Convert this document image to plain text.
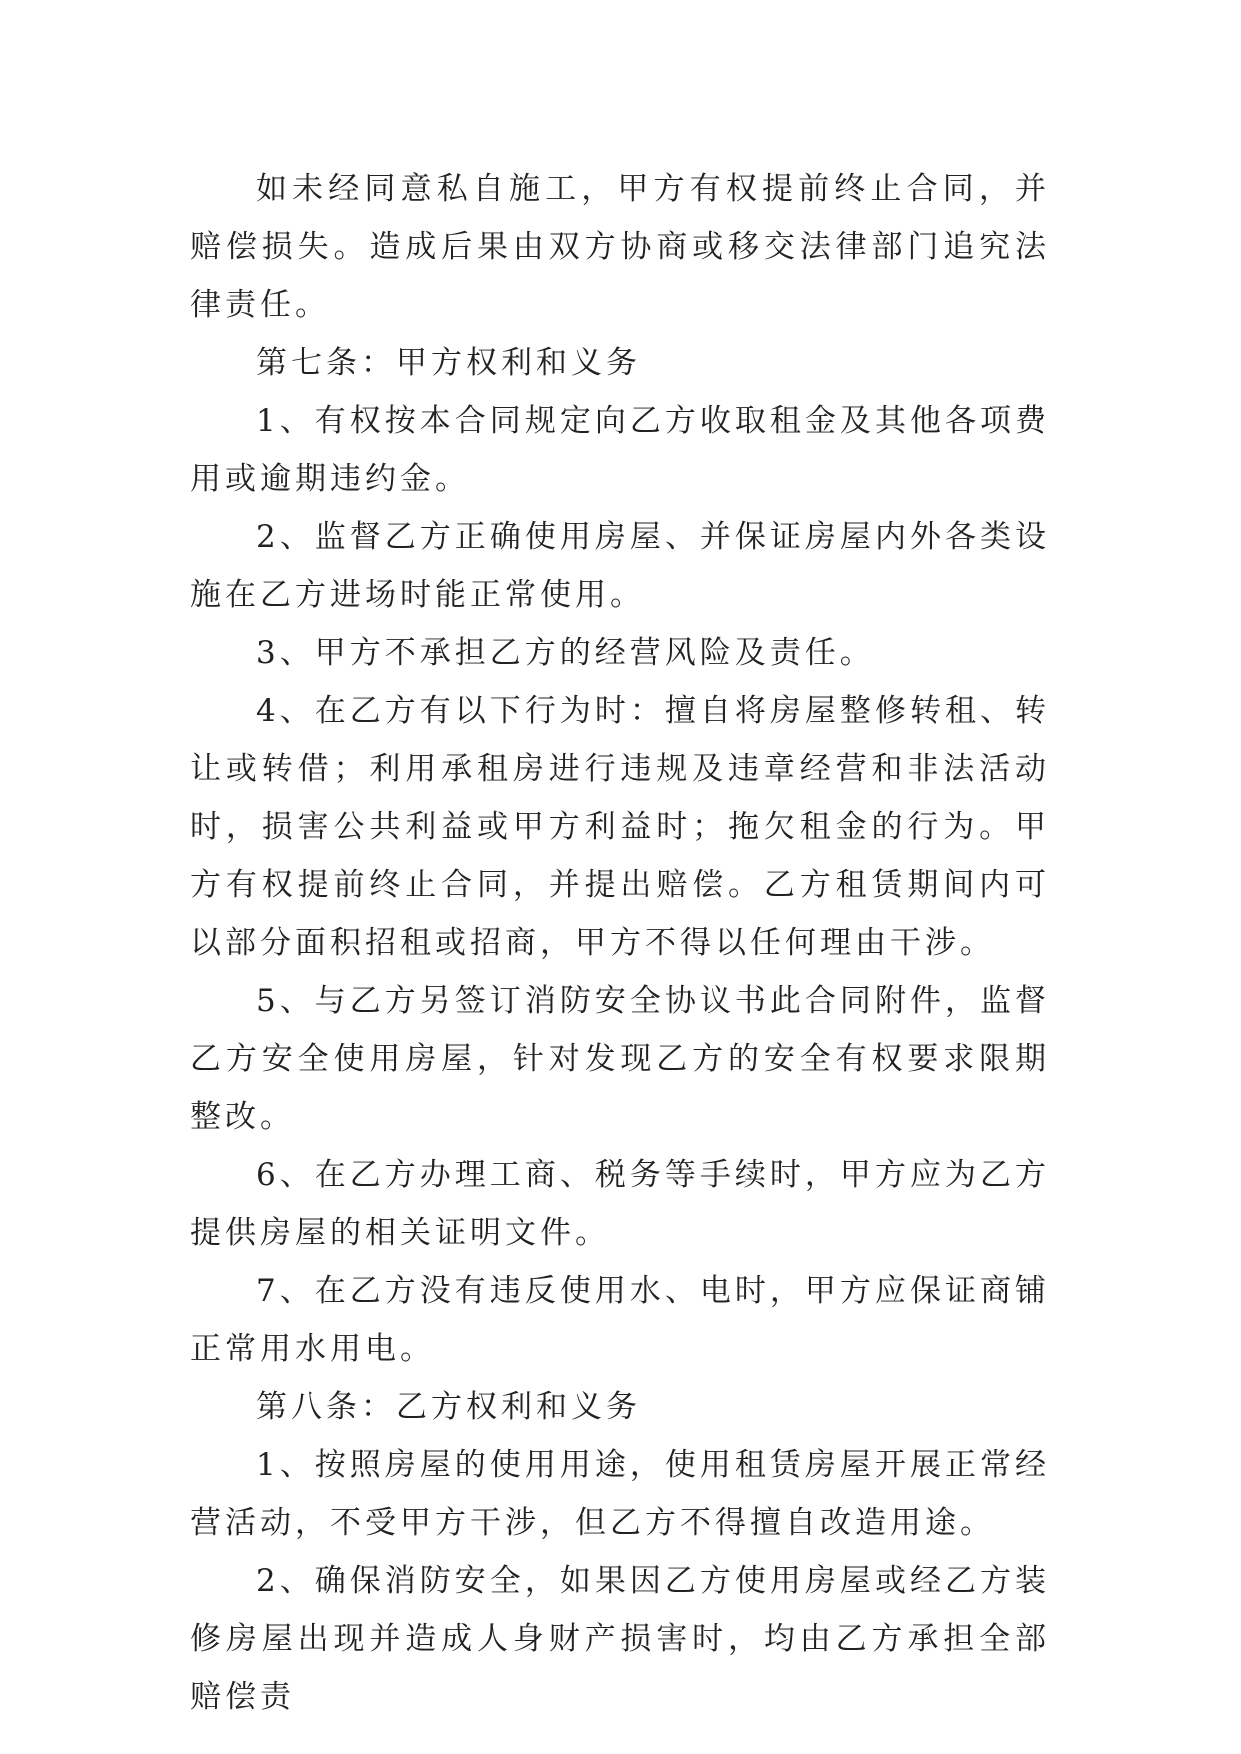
如未经同意私自施工，甲方有权提前终止合同，并赔偿损失。造成后果由双方协商或移交法律部门追究法律责任。

第七条：甲方权利和义务

1、有权按本合同规定向乙方收取租金及其他各项费用或逾期违约金。

2、监督乙方正确使用房屋、并保证房屋内外各类设施在乙方进场时能正常使用。

3、甲方不承担乙方的经营风险及责任。

4、在乙方有以下行为时：擅自将房屋整修转租、转让或转借；利用承租房进行违规及违章经营和非法活动时，损害公共利益或甲方利益时；拖欠租金的行为。甲方有权提前终止合同，并提出赔偿。乙方租赁期间内可以部分面积招租或招商，甲方不得以任何理由干涉。

5、与乙方另签订消防安全协议书此合同附件，监督乙方安全使用房屋，针对发现乙方的安全有权要求限期整改。

6、在乙方办理工商、税务等手续时，甲方应为乙方提供房屋的相关证明文件。

7、在乙方没有违反使用水、电时，甲方应保证商铺正常用水用电。

第八条：乙方权利和义务

1、按照房屋的使用用途，使用租赁房屋开展正常经营活动，不受甲方干涉，但乙方不得擅自改造用途。

2、确保消防安全，如果因乙方使用房屋或经乙方装修房屋出现并造成人身财产损害时，均由乙方承担全部赔偿责
